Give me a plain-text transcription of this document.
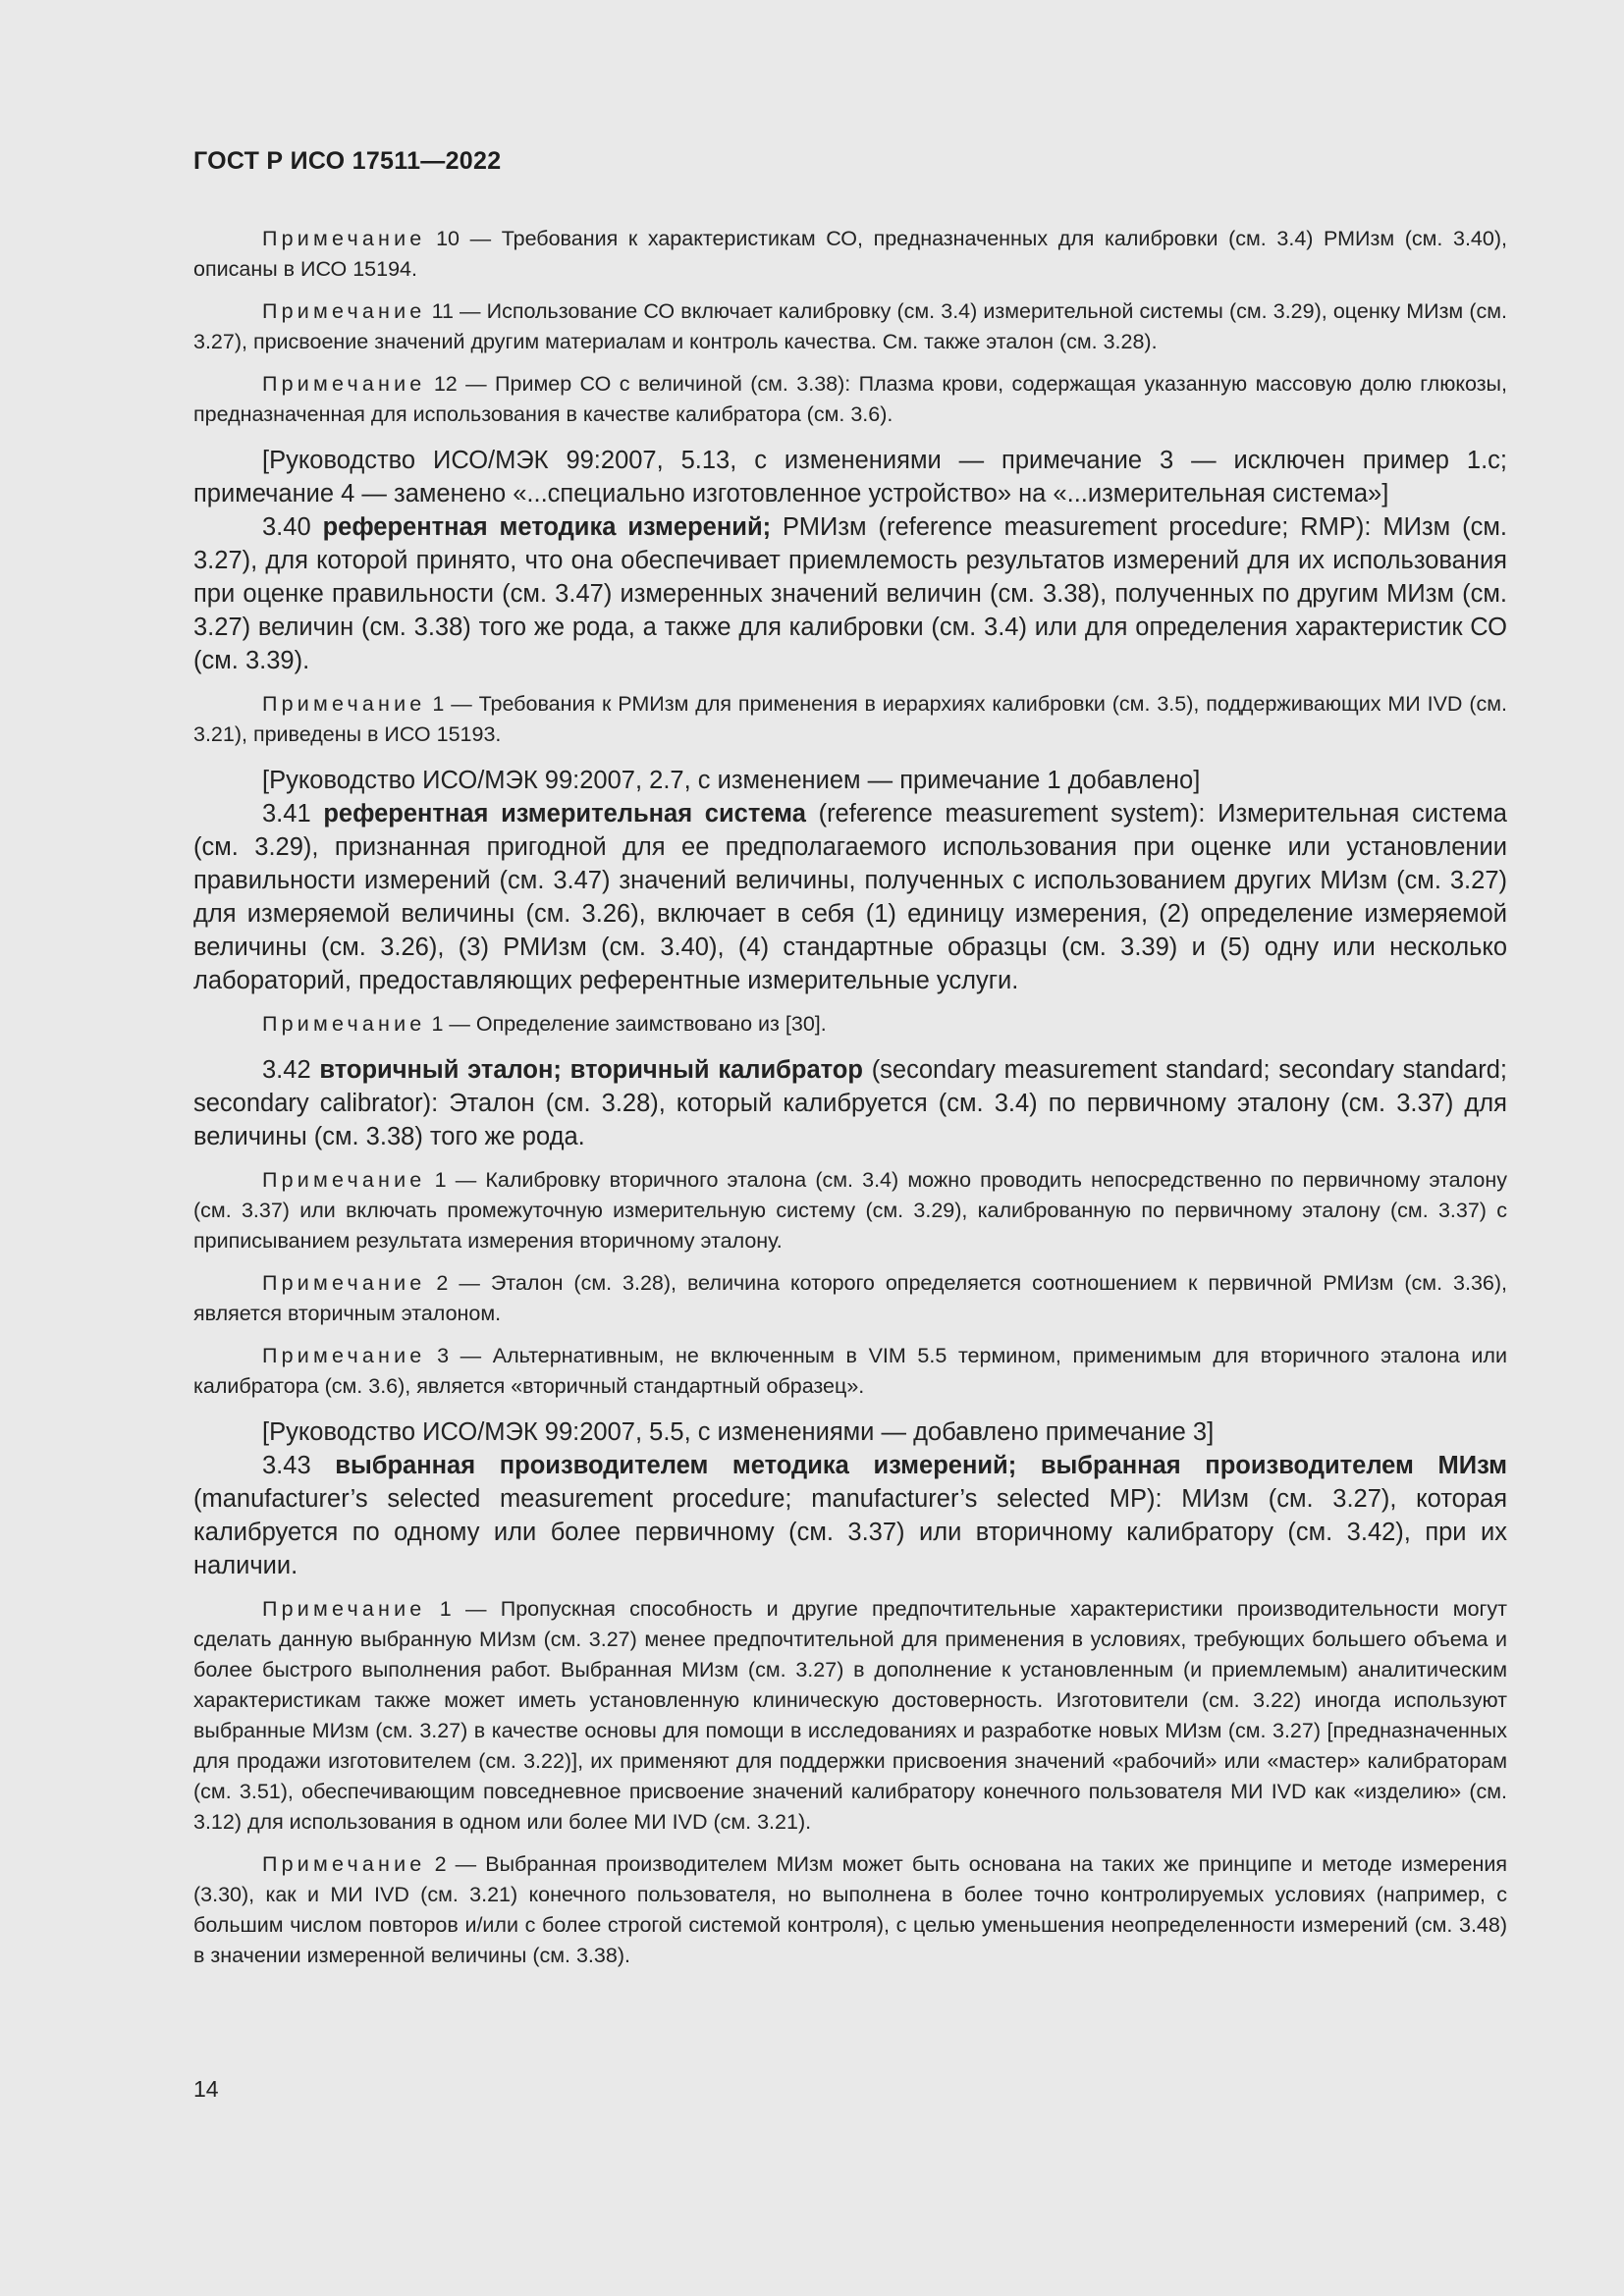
ГОСТ Р ИСО 17511—2022

Примечание 10 — Требования к характеристикам СО, предназначенных для калибровки (см. 3.4) РМИзм (см. 3.40), описаны в ИСО 15194.

Примечание 11 — Использование СО включает калибровку (см. 3.4) измерительной системы (см. 3.29), оценку МИзм (см. 3.27), присвоение значений другим материалам и контроль качества. См. также эталон (см. 3.28).

Примечание 12 — Пример СО с величиной (см. 3.38): Плазма крови, содержащая указанную массовую долю глюкозы, предназначенная для использования в качестве калибратора (см. 3.6).

[Руководство ИСО/МЭК 99:2007, 5.13, с изменениями — примечание 3 — исключен пример 1.c; примечание 4 — заменено «...специально изготовленное устройство» на «...измерительная система»]

3.40 референтная методика измерений; РМИзм (reference measurement procedure; RMP): МИзм (см. 3.27), для которой принято, что она обеспечивает приемлемость результатов измерений для их использования при оценке правильности (см. 3.47) измеренных значений величин (см. 3.38), полученных по другим МИзм (см. 3.27) величин (см. 3.38) того же рода, а также для калибровки (см. 3.4) или для определения характеристик СО (см. 3.39).

Примечание 1 — Требования к РМИзм для применения в иерархиях калибровки (см. 3.5), поддерживающих МИ IVD (см. 3.21), приведены в ИСО 15193.

[Руководство ИСО/МЭК 99:2007, 2.7, с изменением — примечание 1 добавлено]

3.41 референтная измерительная система (reference measurement system): Измерительная система (см. 3.29), признанная пригодной для ее предполагаемого использования при оценке или установлении правильности измерений (см. 3.47) значений величины, полученных с использованием других МИзм (см. 3.27) для измеряемой величины (см. 3.26), включает в себя (1) единицу измерения, (2) определение измеряемой величины (см. 3.26), (3) РМИзм (см. 3.40), (4) стандартные образцы (см. 3.39) и (5) одну или несколько лабораторий, предоставляющих референтные измерительные услуги.

Примечание 1 — Определение заимствовано из [30].

3.42 вторичный эталон; вторичный калибратор (secondary measurement standard; secondary standard; secondary calibrator): Эталон (см. 3.28), который калибруется (см. 3.4) по первичному эталону (см. 3.37) для величины (см. 3.38) того же рода.

Примечание 1 — Калибровку вторичного эталона (см. 3.4) можно проводить непосредственно по первичному эталону (см. 3.37) или включать промежуточную измерительную систему (см. 3.29), калиброванную по первичному эталону (см. 3.37) с приписыванием результата измерения вторичному эталону.

Примечание 2 — Эталон (см. 3.28), величина которого определяется соотношением к первичной РМИзм (см. 3.36), является вторичным эталоном.

Примечание 3 — Альтернативным, не включенным в VIM 5.5 термином, применимым для вторичного эталона или калибратора (см. 3.6), является «вторичный стандартный образец».

[Руководство ИСО/МЭК 99:2007, 5.5, с изменениями — добавлено примечание 3]

3.43 выбранная производителем методика измерений; выбранная производителем МИзм (manufacturer’s selected measurement procedure; manufacturer’s selected MP): МИзм (см. 3.27), которая калибруется по одному или более первичному (см. 3.37) или вторичному калибратору (см. 3.42), при их наличии.

Примечание 1 — Пропускная способность и другие предпочтительные характеристики производительности могут сделать данную выбранную МИзм (см. 3.27) менее предпочтительной для применения в условиях, требующих большего объема и более быстрого выполнения работ. Выбранная МИзм (см. 3.27) в дополнение к установленным (и приемлемым) аналитическим характеристикам также может иметь установленную клиническую достоверность. Изготовители (см. 3.22) иногда используют выбранные МИзм (см. 3.27) в качестве основы для помощи в исследованиях и разработке новых МИзм (см. 3.27) [предназначенных для продажи изготовителем (см. 3.22)], их применяют для поддержки присвоения значений «рабочий» или «мастер» калибраторам (см. 3.51), обеспечивающим повседневное присвоение значений калибратору конечного пользователя МИ IVD как «изделию» (см. 3.12) для использования в одном или более МИ IVD (см. 3.21).

Примечание 2 — Выбранная производителем МИзм может быть основана на таких же принципе и методе измерения (3.30), как и МИ IVD (см. 3.21) конечного пользователя, но выполнена в более точно контролируемых условиях (например, с большим числом повторов и/или с более строгой системой контроля), с целью уменьшения неопределенности измерений (см. 3.48) в значении измеренной величины (см. 3.38).

14
